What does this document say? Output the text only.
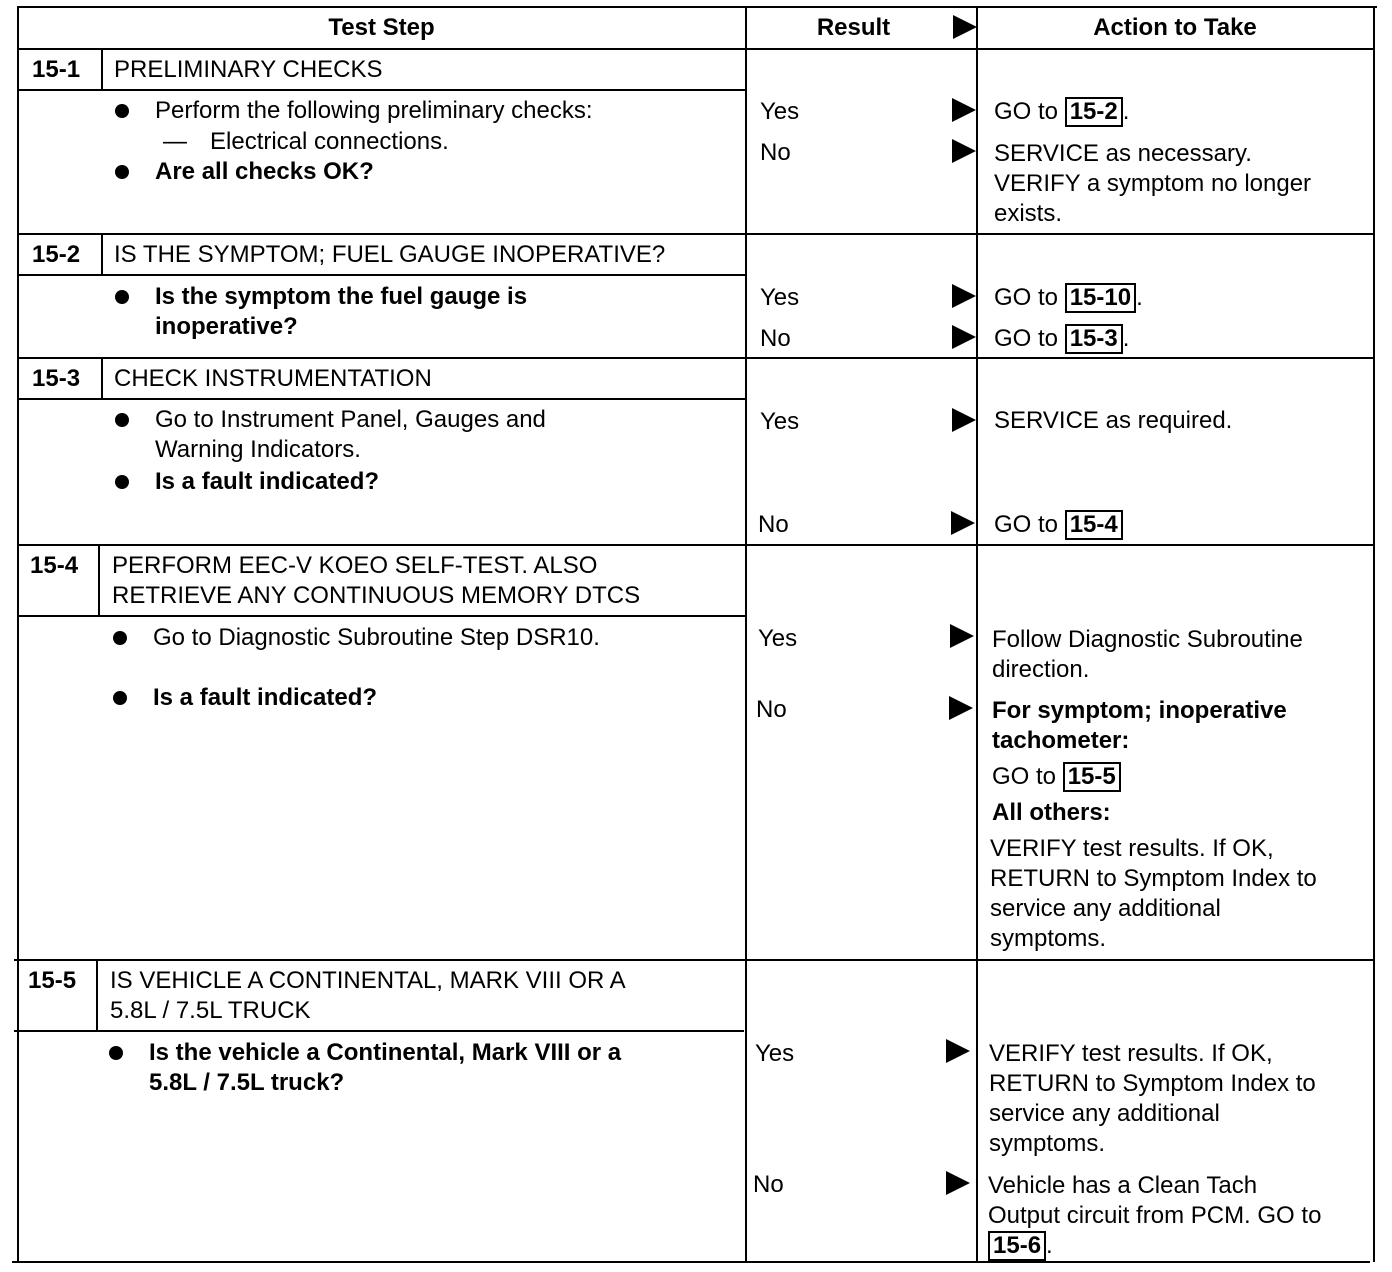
Test Step	Result	Action to Take
15-1 PRELIMINARY CHECKS
Perform the following preliminary checks:
— Electrical connections.
Are all checks OK?
Yes
No
GO to 15-2 .
SERVICE as necessary.
VERIFY a symptom no longer
exists.
15-2 IS THE SYMPTOM; FUEL GAUGE INOPERATIVE?
Is the symptom the fuel gauge is
inoperative?
Yes
No
GO to 15-10 .
GO to 15-3 .
15-3 CHECK INSTRUMENTATION
Go to Instrument Panel, Gauges and
Warning Indicators.
Is a fault indicated?
Yes
No
SERVICE as required.
GO to 15-4
15-4 PERFORM EEC-V KOEO SELF-TEST. ALSO
RETRIEVE ANY CONTINUOUS MEMORY DTCS
Go to Diagnostic Subroutine Step DSR10.
Is a fault indicated?
Yes
No
Follow Diagnostic Subroutine
direction.
For symptom; inoperative
tachometer:
GO to 15-5
All others:
VERIFY test results. If OK,
RETURN to Symptom Index to
service any additional
symptoms.
15-5 IS VEHICLE A CONTINENTAL, MARK VIII OR A
5.8L / 7.5L TRUCK
Is the vehicle a Continental, Mark VIII or a
5.8L / 7.5L truck?
Yes
No
VERIFY test results. If OK,
RETURN to Symptom Index to
service any additional
symptoms.
Vehicle has a Clean Tach
Output circuit from PCM. GO to
15-6 .
